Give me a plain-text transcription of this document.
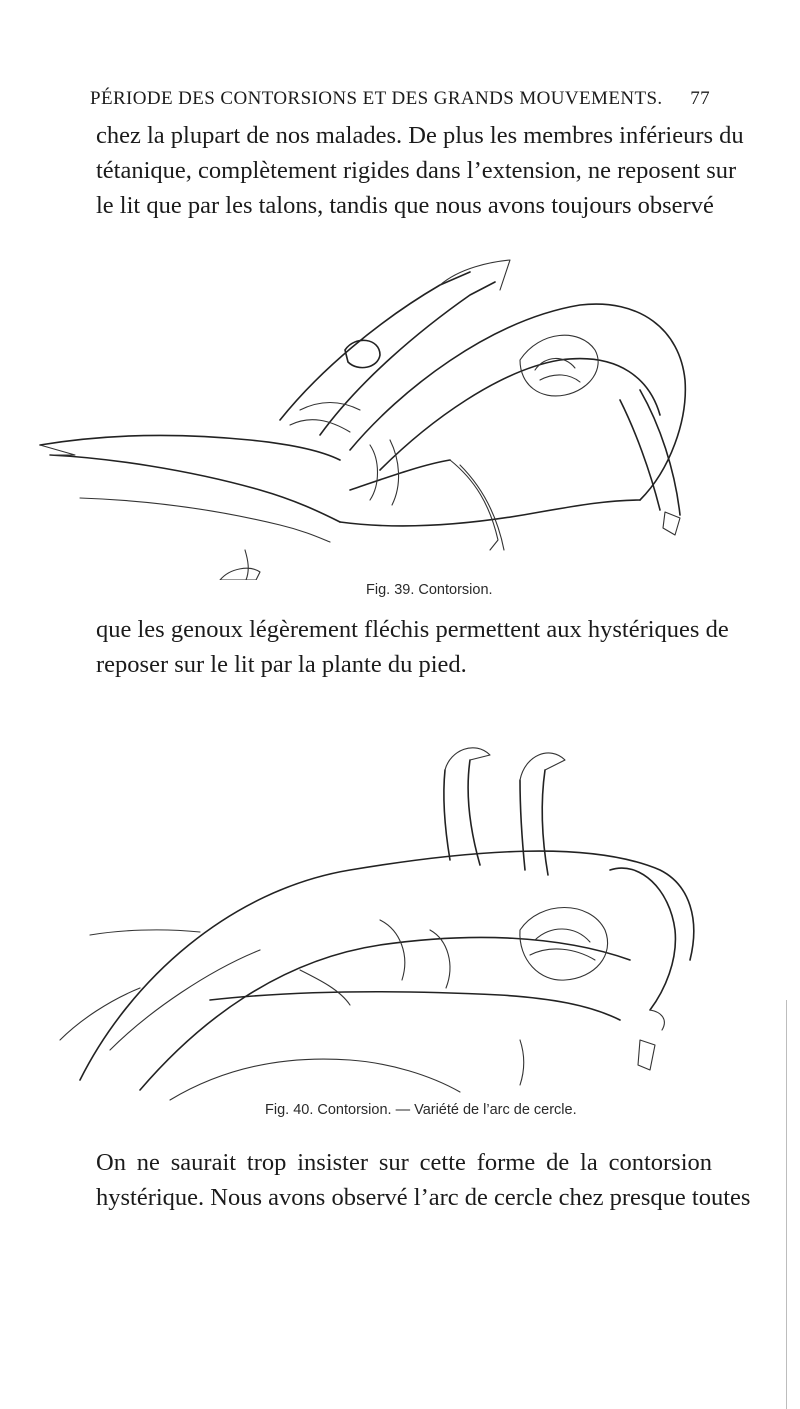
PÉRIODE DES CONTORSIONS ET DES GRANDS MOUVEMENTS. 77
chez la plupart de nos malades. De plus les membres inférieurs du
tétanique, complètement rigides dans l’extension, ne reposent sur
le lit que par les talons, tandis que nous avons toujours observé
Fig. 39. Contorsion.
que les genoux légèrement fléchis permettent aux hystériques de
reposer sur le lit par la plante du pied.
Fig. 40. Contorsion. — Variété de l’arc de cercle.
On ne saurait trop insister sur cette forme de la contorsion
hystérique. Nous avons observé l’arc de cercle chez presque toutes
